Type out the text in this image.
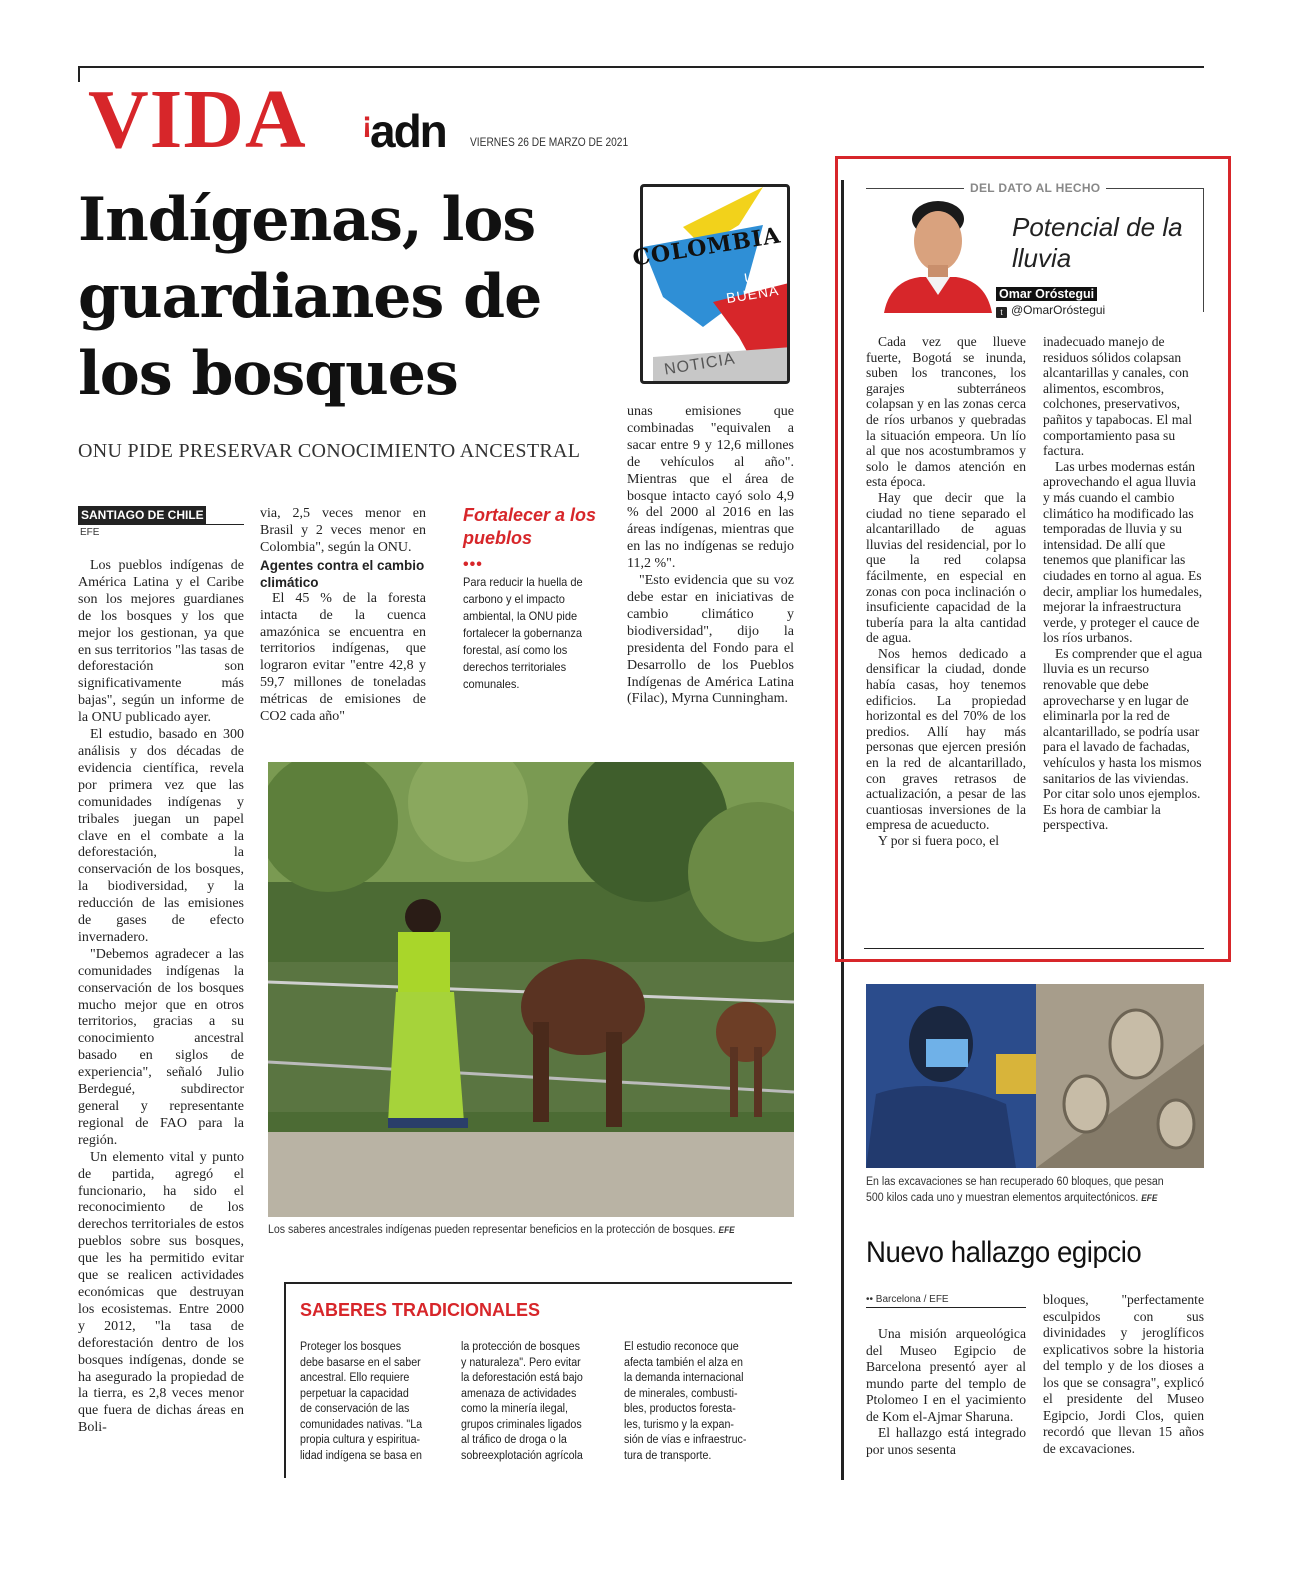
VIDA ¡adn VIERNES 26 DE MARZO DE 2021
Indígenas, los guardianes de los bosques
ONU PIDE PRESERVAR CONOCIMIENTO ANCESTRAL
COLOMBIA
UNA
BUENA
NOTICIA
SANTIAGO DE CHILE
EFE

Los pueblos indígenas de América Latina y el Caribe son los mejores guardianes de los bosques y los que mejor los gestionan, ya que en sus territorios "las tasas de deforestación son significativamente más bajas", según un informe de la ONU publicado ayer.

El estudio, basado en 300 análisis y dos décadas de evidencia científica, revela por primera vez que las comunidades indígenas y tribales juegan un papel clave en el combate a la deforestación, la conservación de los bosques, la biodiversidad, y la reducción de las emisiones de gases de efecto invernadero.

"Debemos agradecer a las comunidades indígenas la conservación de los bosques mucho mejor que en otros territorios, gracias a su conocimiento ancestral basado en siglos de experiencia", señaló Julio Berdegué, subdirector general y representante regional de FAO para la región.

Un elemento vital y punto de partida, agregó el funcionario, ha sido el reconocimiento de los derechos territoriales de estos pueblos sobre sus bosques, que les ha permitido evitar que se realicen actividades económicas que destruyan los ecosistemas. Entre 2000 y 2012, "la tasa de deforestación dentro de los bosques indígenas, donde se ha asegurado la propiedad de la tierra, es 2,8 veces menor que fuera de dichas áreas en Boli-

via, 2,5 veces menor en Brasil y 2 veces menor en Colombia", según la ONU.

Agentes contra el cambio climático

El 45 % de la foresta intacta de la cuenca amazónica se encuentra en territorios indígenas, que lograron evitar "entre 42,8 y 59,7 millones de toneladas métricas de emisiones de CO2 cada año"

Fortalecer a los pueblos
•••
Para reducir la huella de
carbono y el impacto
ambiental, la ONU pide
fortalecer la gobernanza
forestal, así como los
derechos territoriales
comunales.

unas emisiones que combinadas "equivalen a sacar entre 9 y 12,6 millones de vehículos al año". Mientras que el área de bosque intacto cayó solo 4,9 % del 2000 al 2016 en las áreas indígenas, mientras que en las no indígenas se redujo 11,2 %".

"Esto evidencia que su voz debe estar en iniciativas de cambio climático y biodiversidad", dijo la presidenta del Fondo para el Desarrollo de los Pueblos Indígenas de América Latina (Filac), Myrna Cunningham.

Los saberes ancestrales indígenas pueden representar beneficios en la protección de bosques. EFE
SABERES TRADICIONALES
Proteger los bosques
debe basarse en el saber
ancestral. Ello requiere
perpetuar la capacidad
de conservación de las
comunidades nativas. "La
propia cultura y espiritua-
lidad indígena se basa en
la protección de bosques
y naturaleza". Pero evitar
la deforestación está bajo
amenaza de actividades
como la minería ilegal,
grupos criminales ligados
al tráfico de droga o la
sobreexplotación agrícola
El estudio reconoce que
afecta también el alza en
la demanda internacional
de minerales, combusti-
bles, productos foresta-
les, turismo y la expan-
sión de vías e infraestruc-
tura de transporte.
DEL DATO AL HECHO
Potencial de la lluvia
Omar Oróstegui
t @OmarOróstegui

Cada vez que llueve fuerte, Bogotá se inunda, suben los trancones, los garajes subterráneos colapsan y en las zonas cerca de ríos urbanos y quebradas la situación empeora. Un lío al que nos acostumbramos y solo le damos atención en esta época.

Hay que decir que la ciudad no tiene separado el alcantarillado de aguas lluvias del residencial, por lo que la red colapsa fácilmente, en especial en zonas con poca inclinación o insuficiente capacidad de la tubería para la alta cantidad de agua.

Nos hemos dedicado a densificar la ciudad, donde había casas, hoy tenemos edificios. La propiedad horizontal es del 70% de los predios. Allí hay más personas que ejercen presión en la red de alcantarillado, con graves retrasos de actualización, a pesar de las cuantiosas inversiones de la empresa de acueducto.

Y por si fuera poco, el

inadecuado manejo de residuos sólidos colapsan alcantarillas y canales, con alimentos, escombros, colchones, preservativos, pañitos y tapabocas. El mal comportamiento pasa su factura.

Las urbes modernas están aprovechando el agua lluvia y más cuando el cambio climático ha modificado las temporadas de lluvia y su intensidad. De allí que tenemos que planificar las ciudades en torno al agua. Es decir, ampliar los humedales, mejorar la infraestructura verde, y proteger el cauce de los ríos urbanos.

Es comprender que el agua lluvia es un recurso renovable que debe aprovecharse y en lugar de eliminarla por la red de alcantarillado, se podría usar para el lavado de fachadas, vehículos y hasta los mismos sanitarios de las viviendas. Por citar solo unos ejemplos. Es hora de cambiar la perspectiva.

En las excavaciones se han recuperado 60 bloques, que pesan
500 kilos cada uno y muestran elementos arquitectónicos. EFE
Nuevo hallazgo egipcio
•• Barcelona / EFE

Una misión arqueológica del Museo Egipcio de Barcelona presentó ayer al mundo parte del templo de Ptolomeo I en el yacimiento de Kom el-Ajmar Sharuna.

El hallazgo está integrado por unos sesenta

bloques, "perfectamente esculpidos con sus divinidades y jeroglíficos explicativos sobre la historia del templo y de los dioses a los que se consagra", explicó el presidente del Museo Egipcio, Jordi Clos, quien recordó que llevan 15 años de excavaciones.
